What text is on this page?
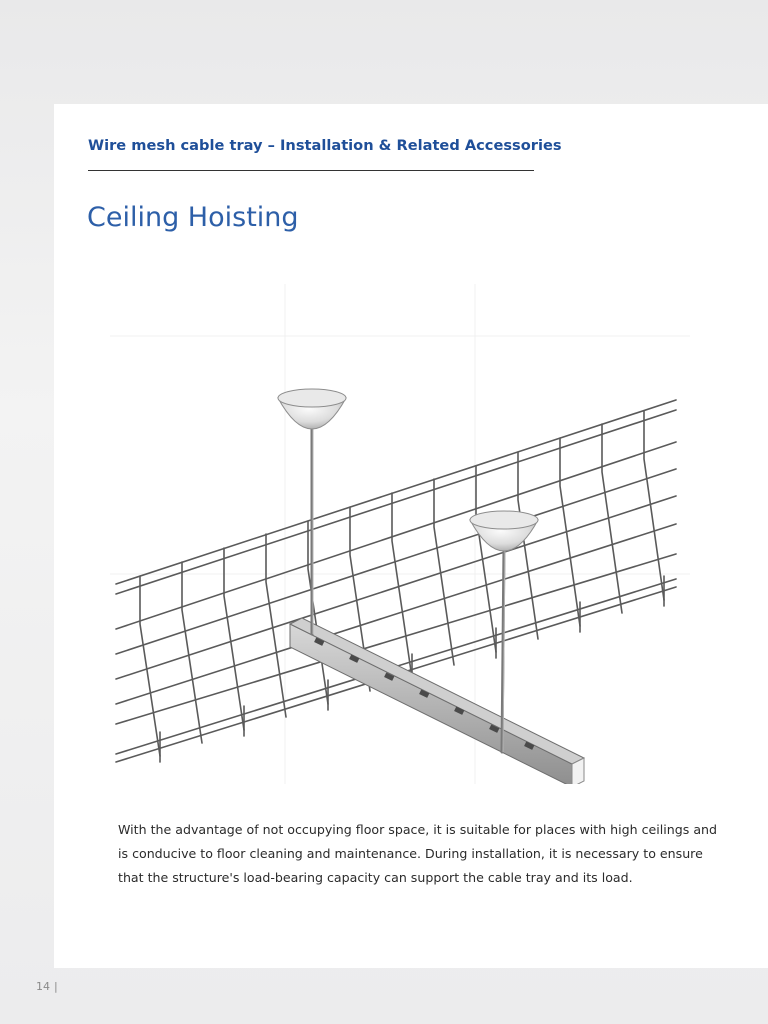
Wire mesh cable tray – Installation & Related Accessories
Ceiling Hoisting

With the advantage of not occupying floor space, it is suitable for places with high ceilings and is conducive to floor cleaning and maintenance. During installation, it is necessary to ensure that the structure's load-bearing capacity can support the cable tray and its load.

14 |
